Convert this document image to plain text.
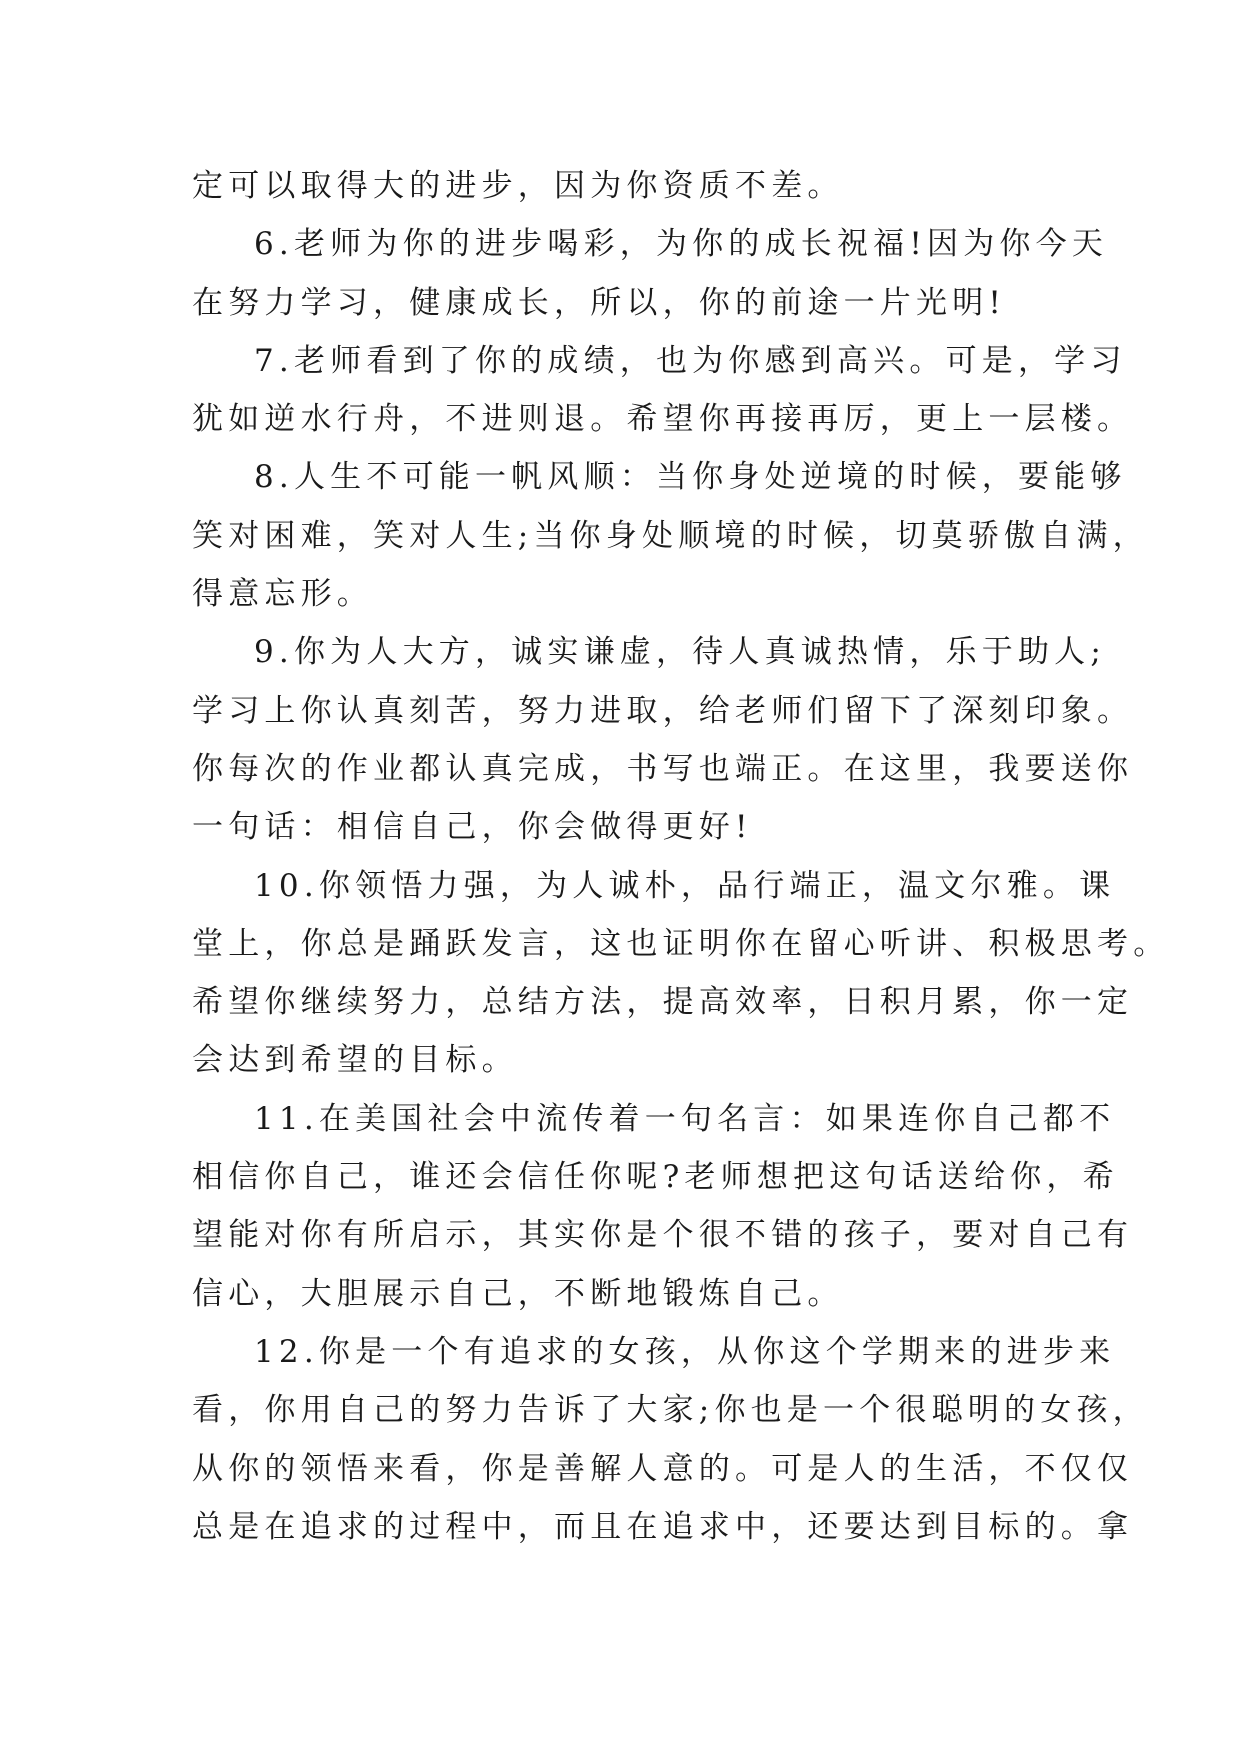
定可以取得大的进步，因为你资质不差。
6.老师为你的进步喝彩，为你的成长祝福!因为你今天
在努力学习，健康成长，所以，你的前途一片光明!
7.老师看到了你的成绩，也为你感到高兴。可是，学习
犹如逆水行舟，不进则退。希望你再接再厉，更上一层楼。
8.人生不可能一帆风顺：当你身处逆境的时候，要能够
笑对困难，笑对人生;当你身处顺境的时候，切莫骄傲自满，
得意忘形。
9.你为人大方，诚实谦虚，待人真诚热情，乐于助人;
学习上你认真刻苦，努力进取，给老师们留下了深刻印象。
你每次的作业都认真完成，书写也端正。在这里，我要送你
一句话：相信自己，你会做得更好!
10.你领悟力强，为人诚朴，品行端正，温文尔雅。课
堂上，你总是踊跃发言，这也证明你在留心听讲、积极思考。
希望你继续努力，总结方法，提高效率，日积月累，你一定
会达到希望的目标。
11.在美国社会中流传着一句名言：如果连你自己都不
相信你自己，谁还会信任你呢?老师想把这句话送给你，希
望能对你有所启示，其实你是个很不错的孩子，要对自己有
信心，大胆展示自己，不断地锻炼自己。
12.你是一个有追求的女孩，从你这个学期来的进步来
看，你用自己的努力告诉了大家;你也是一个很聪明的女孩，
从你的领悟来看，你是善解人意的。可是人的生活，不仅仅
总是在追求的过程中，而且在追求中，还要达到目标的。拿
